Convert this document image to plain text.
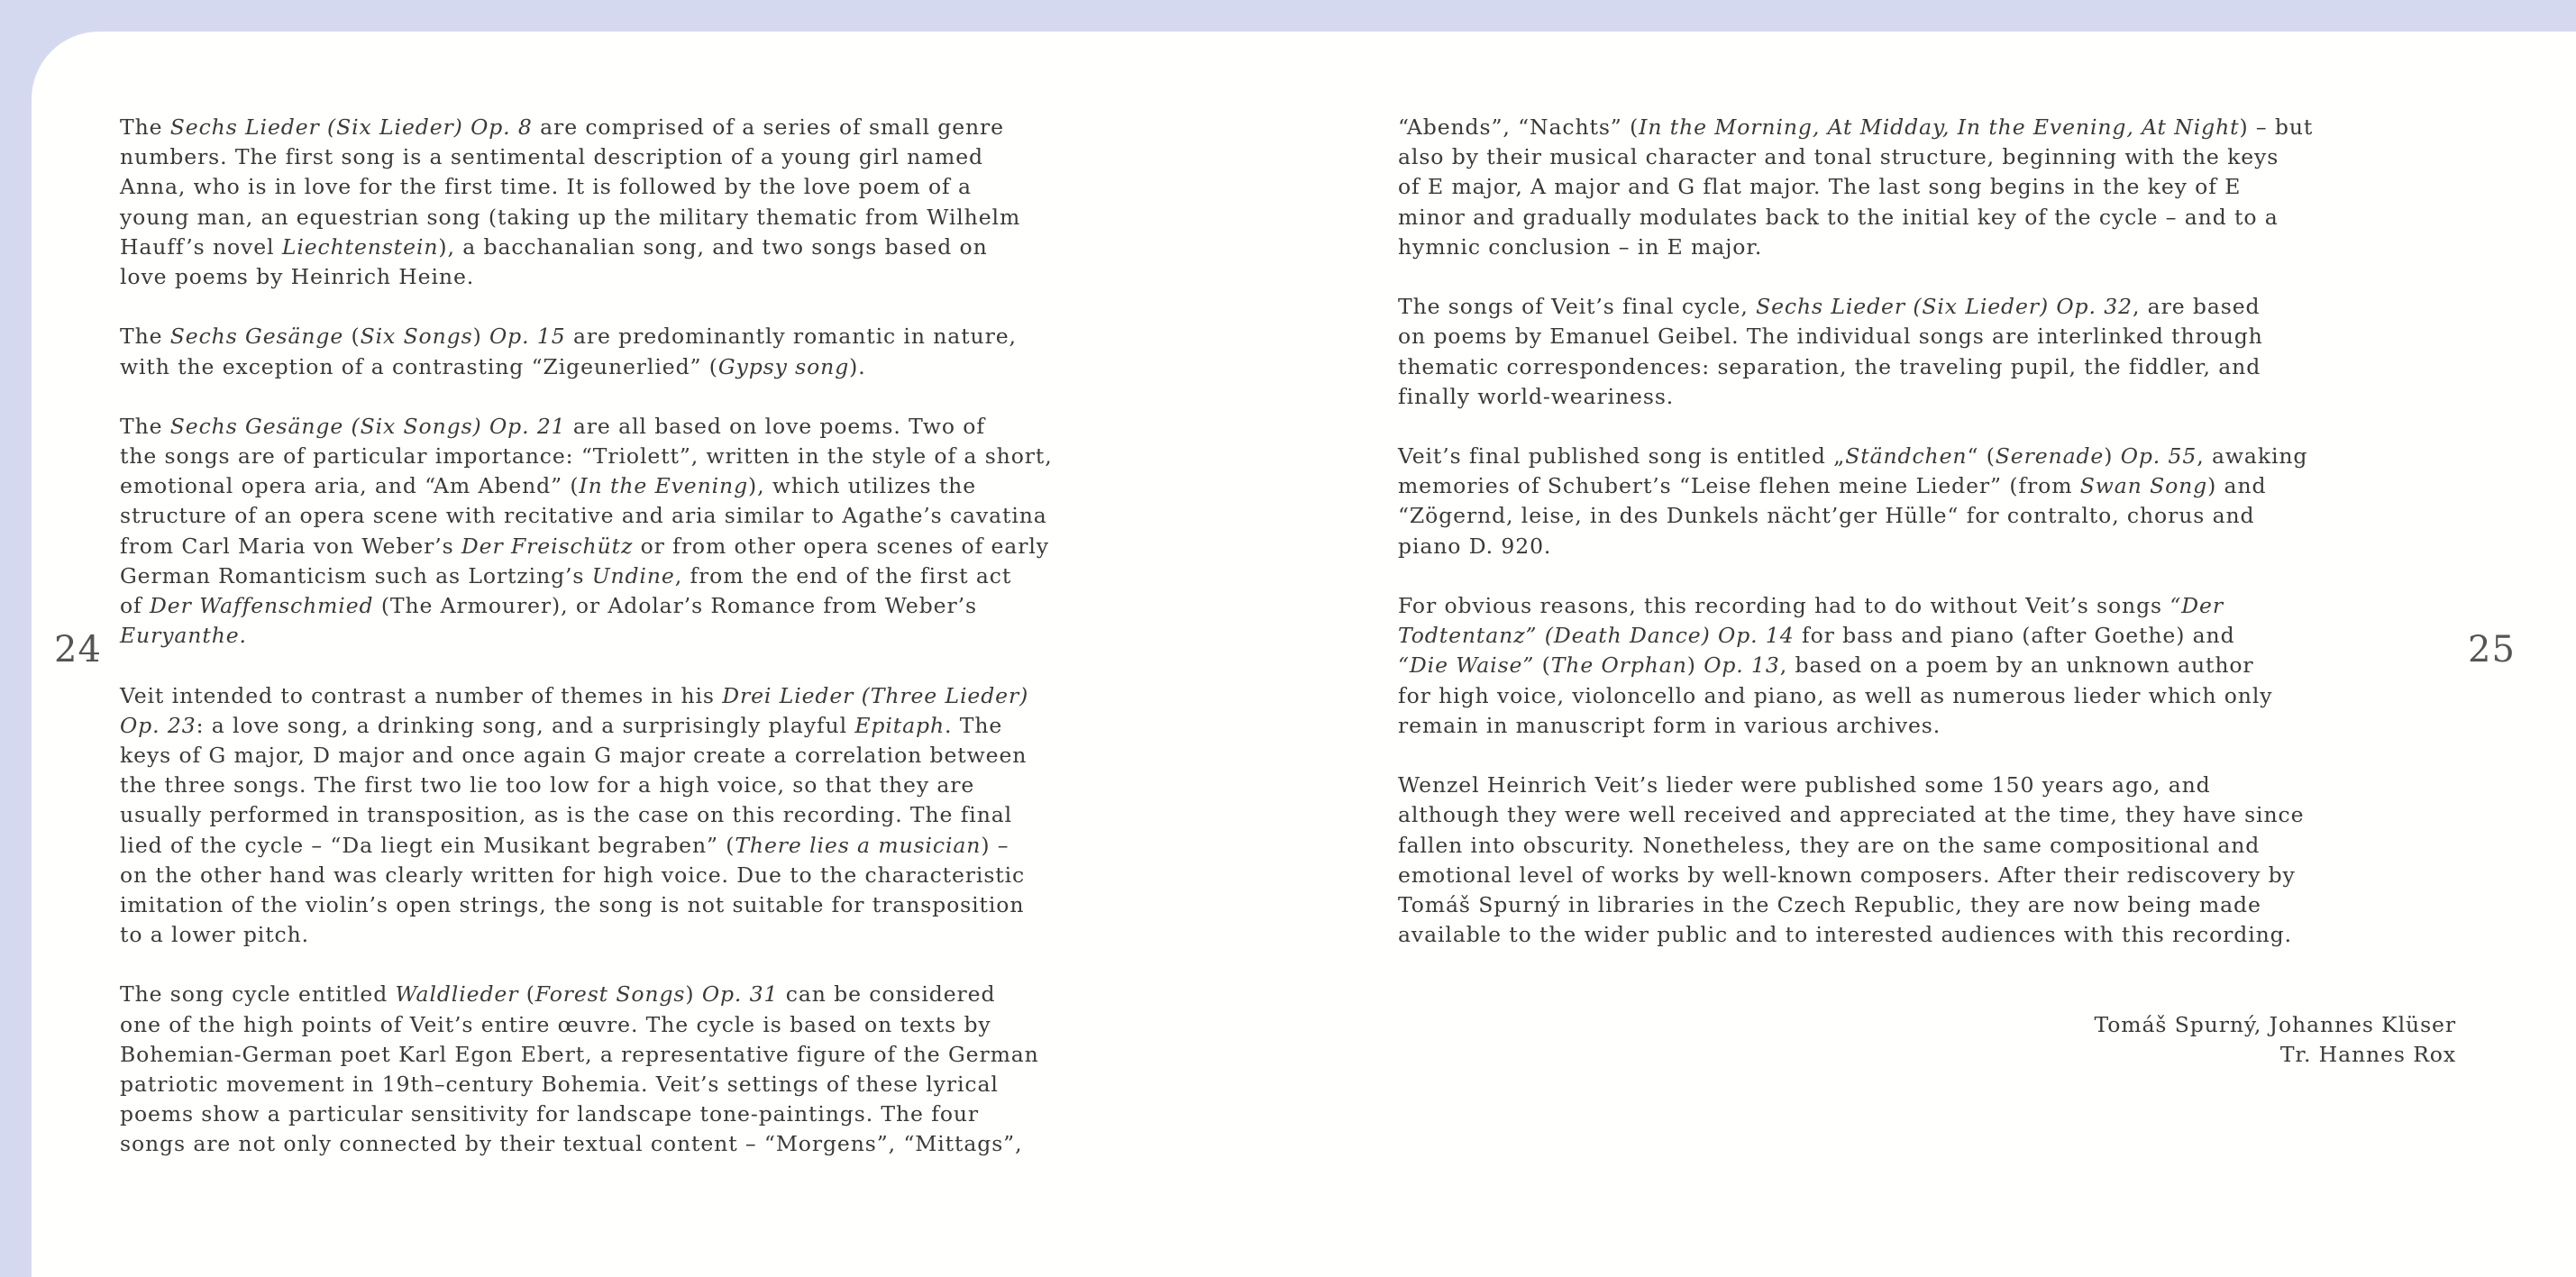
24	25
The Sechs Lieder (Six Lieder) Op. 8 are comprised of a series of small genre
numbers. The first song is a sentimental description of a young girl named
Anna, who is in love for the first time. It is followed by the love poem of a
young man, an equestrian song (taking up the military thematic from Wilhelm
Hauff’s novel Liechtenstein), a bacchanalian song, and two songs based on
love poems by Heinrich Heine.
The Sechs Gesänge (Six Songs) Op. 15 are predominantly romantic in nature,
with the exception of a contrasting “Zigeunerlied” (Gypsy song).
The Sechs Gesänge (Six Songs) Op. 21 are all based on love poems. Two of
the songs are of particular importance: “Triolett”, written in the style of a short,
emotional opera aria, and “Am Abend” (In the Evening), which utilizes the
structure of an opera scene with recitative and aria similar to Agathe’s cavatina
from Carl Maria von Weber’s Der Freischütz or from other opera scenes of early
German Romanticism such as Lortzing’s Undine, from the end of the first act
of Der Waffenschmied (The Armourer), or Adolar’s Romance from Weber’s
Euryanthe.
Veit intended to contrast a number of themes in his Drei Lieder (Three Lieder)
Op. 23: a love song, a drinking song, and a surprisingly playful Epitaph. The
keys of G major, D major and once again G major create a correlation between
the three songs. The first two lie too low for a high voice, so that they are
usually performed in transposition, as is the case on this recording. The final
lied of the cycle – “Da liegt ein Musikant begraben” (There lies a musician) –
on the other hand was clearly written for high voice. Due to the characteristic
imitation of the violin’s open strings, the song is not suitable for transposition
to a lower pitch.
The song cycle entitled Waldlieder (Forest Songs) Op. 31 can be considered
one of the high points of Veit’s entire œuvre. The cycle is based on texts by
Bohemian-German poet Karl Egon Ebert, a representative figure of the German
patriotic movement in 19th–century Bohemia. Veit’s settings of these lyrical
poems show a particular sensitivity for landscape tone-paintings. The four
songs are not only connected by their textual content – “Morgens”, “Mittags”,
“Abends”, “Nachts” (In the Morning, At Midday, In the Evening, At Night) – but
also by their musical character and tonal structure, beginning with the keys
of E major, A major and G flat major. The last song begins in the key of E
minor and gradually modulates back to the initial key of the cycle – and to a
hymnic conclusion – in E major.
The songs of Veit’s final cycle, Sechs Lieder (Six Lieder) Op. 32, are based
on poems by Emanuel Geibel. The individual songs are interlinked through
thematic correspondences: separation, the traveling pupil, the fiddler, and
finally world-weariness.
Veit’s final published song is entitled „Ständchen“ (Serenade) Op. 55, awaking
memories of Schubert’s “Leise flehen meine Lieder” (from Swan Song) and
“Zögernd, leise, in des Dunkels nächt’ger Hülle“ for contralto, chorus and
piano D. 920.
For obvious reasons, this recording had to do without Veit’s songs “Der
Todtentanz” (Death Dance) Op. 14 for bass and piano (after Goethe) and
“Die Waise” (The Orphan) Op. 13, based on a poem by an unknown author
for high voice, violoncello and piano, as well as numerous lieder which only
remain in manuscript form in various archives.
Wenzel Heinrich Veit’s lieder were published some 150 years ago, and
although they were well received and appreciated at the time, they have since
fallen into obscurity. Nonetheless, they are on the same compositional and
emotional level of works by well-known composers. After their rediscovery by
Tomáš Spurný in libraries in the Czech Republic, they are now being made
available to the wider public and to interested audiences with this recording.
Tomáš Spurný, Johannes Klüser
Tr. Hannes Rox
